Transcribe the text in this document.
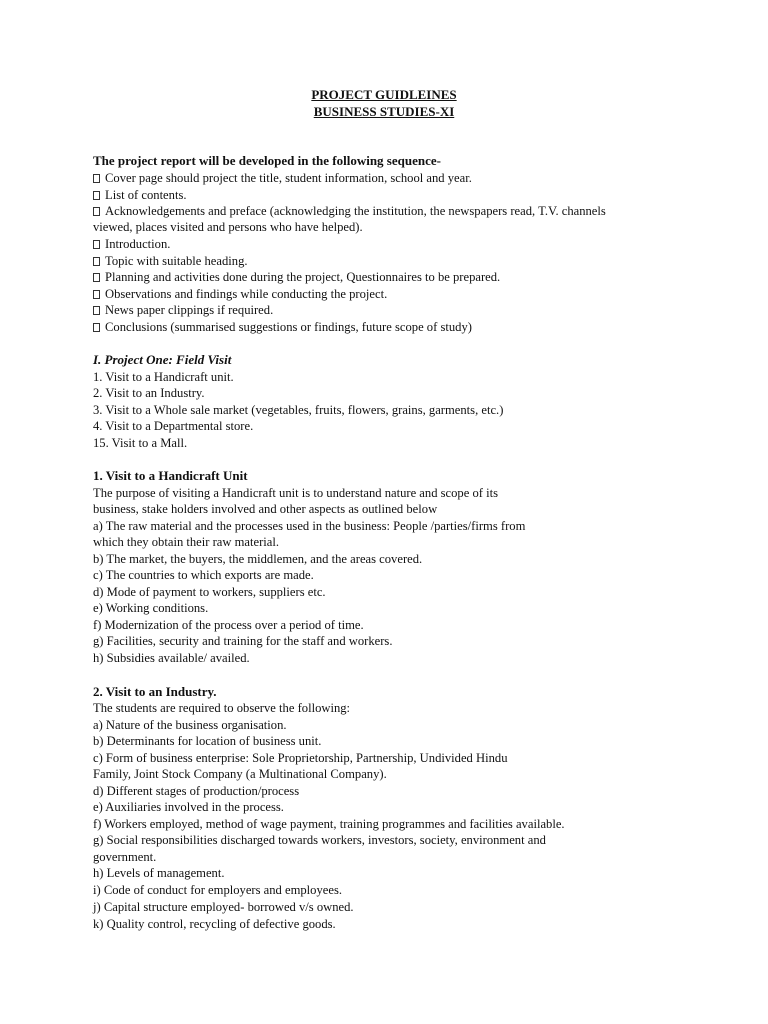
PROJECT GUIDLEINES
BUSINESS STUDIES-XI
The project report will be developed in the following sequence-
Cover page should project the title, student information, school and year.
List of contents.
Acknowledgements and preface (acknowledging the institution, the newspapers read, T.V. channels
viewed, places visited and persons who have helped).
Introduction.
Topic with suitable heading.
Planning and activities done during the project, Questionnaires to be prepared.
Observations and findings while conducting the project.
News paper clippings if required.
Conclusions (summarised suggestions or findings, future scope of study)
I. Project One: Field Visit
1. Visit to a Handicraft unit.
2. Visit to an Industry.
3. Visit to a Whole sale market (vegetables, fruits, flowers, grains, garments, etc.)
4. Visit to a Departmental store.
15. Visit to a Mall.
1. Visit to a Handicraft Unit
The purpose of visiting a Handicraft unit is to understand nature and scope of its
business, stake holders involved and other aspects as outlined below
a) The raw material and the processes used in the business: People /parties/firms from
which they obtain their raw material.
b) The market, the buyers, the middlemen, and the areas covered.
c) The countries to which exports are made.
d) Mode of payment to workers, suppliers etc.
e) Working conditions.
f) Modernization of the process over a period of time.
g) Facilities, security and training for the staff and workers.
h) Subsidies available/ availed.
2. Visit to an Industry.
The students are required to observe the following:
a) Nature of the business organisation.
b) Determinants for location of business unit.
c) Form of business enterprise: Sole Proprietorship, Partnership, Undivided Hindu
Family, Joint Stock Company (a Multinational Company).
d) Different stages of production/process
e) Auxiliaries involved in the process.
f) Workers employed, method of wage payment, training programmes and facilities available.
g) Social responsibilities discharged towards workers, investors, society, environment and
government.
h) Levels of management.
i) Code of conduct for employers and employees.
j) Capital structure employed- borrowed v/s owned.
k) Quality control, recycling of defective goods.
